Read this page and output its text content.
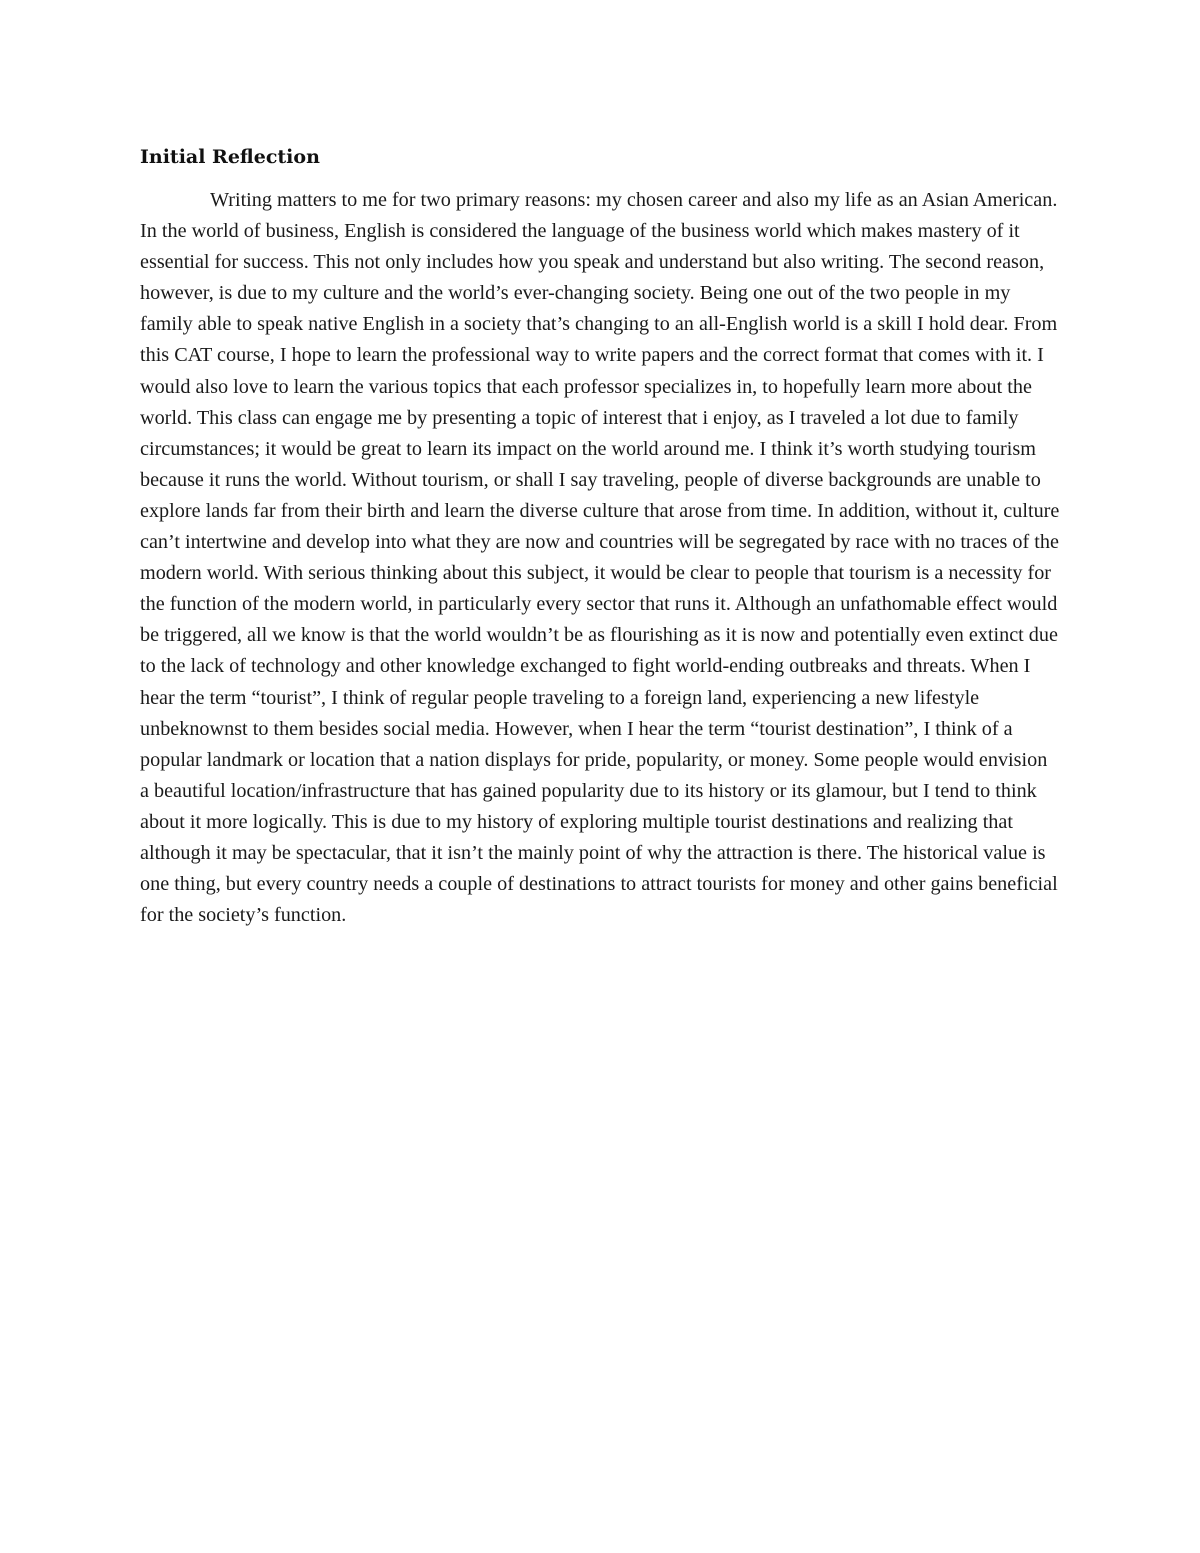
Initial Reflection

Writing matters to me for two primary reasons: my chosen career and also my life as an Asian American. In the world of business, English is considered the language of the business world which makes mastery of it essential for success. This not only includes how you speak and understand but also writing. The second reason, however, is due to my culture and the world’s ever-changing society. Being one out of the two people in my family able to speak native English in a society that’s changing to an all-English world is a skill I hold dear. From this CAT course, I hope to learn the professional way to write papers and the correct format that comes with it. I would also love to learn the various topics that each professor specializes in, to hopefully learn more about the world. This class can engage me by presenting a topic of interest that i enjoy, as I traveled a lot due to family circumstances; it would be great to learn its impact on the world around me. I think it’s worth studying tourism because it runs the world. Without tourism, or shall I say traveling, people of diverse backgrounds are unable to explore lands far from their birth and learn the diverse culture that arose from time. In addition, without it, culture can’t intertwine and develop into what they are now and countries will be segregated by race with no traces of the modern world. With serious thinking about this subject, it would be clear to people that tourism is a necessity for the function of the modern world, in particularly every sector that runs it. Although an unfathomable effect would be triggered, all we know is that the world wouldn’t be as flourishing as it is now and potentially even extinct due to the lack of technology and other knowledge exchanged to fight world-ending outbreaks and threats. When I hear the term “tourist”, I think of regular people traveling to a foreign land, experiencing a new lifestyle unbeknownst to them besides social media. However, when I hear the term “tourist destination”, I think of a popular landmark or location that a nation displays for pride, popularity, or money. Some people would envision a beautiful location/infrastructure that has gained popularity due to its history or its glamour, but I tend to think about it more logically. This is due to my history of exploring multiple tourist destinations and realizing that although it may be spectacular, that it isn’t the mainly point of why the attraction is there. The historical value is one thing, but every country needs a couple of destinations to attract tourists for money and other gains beneficial for the society’s function.
